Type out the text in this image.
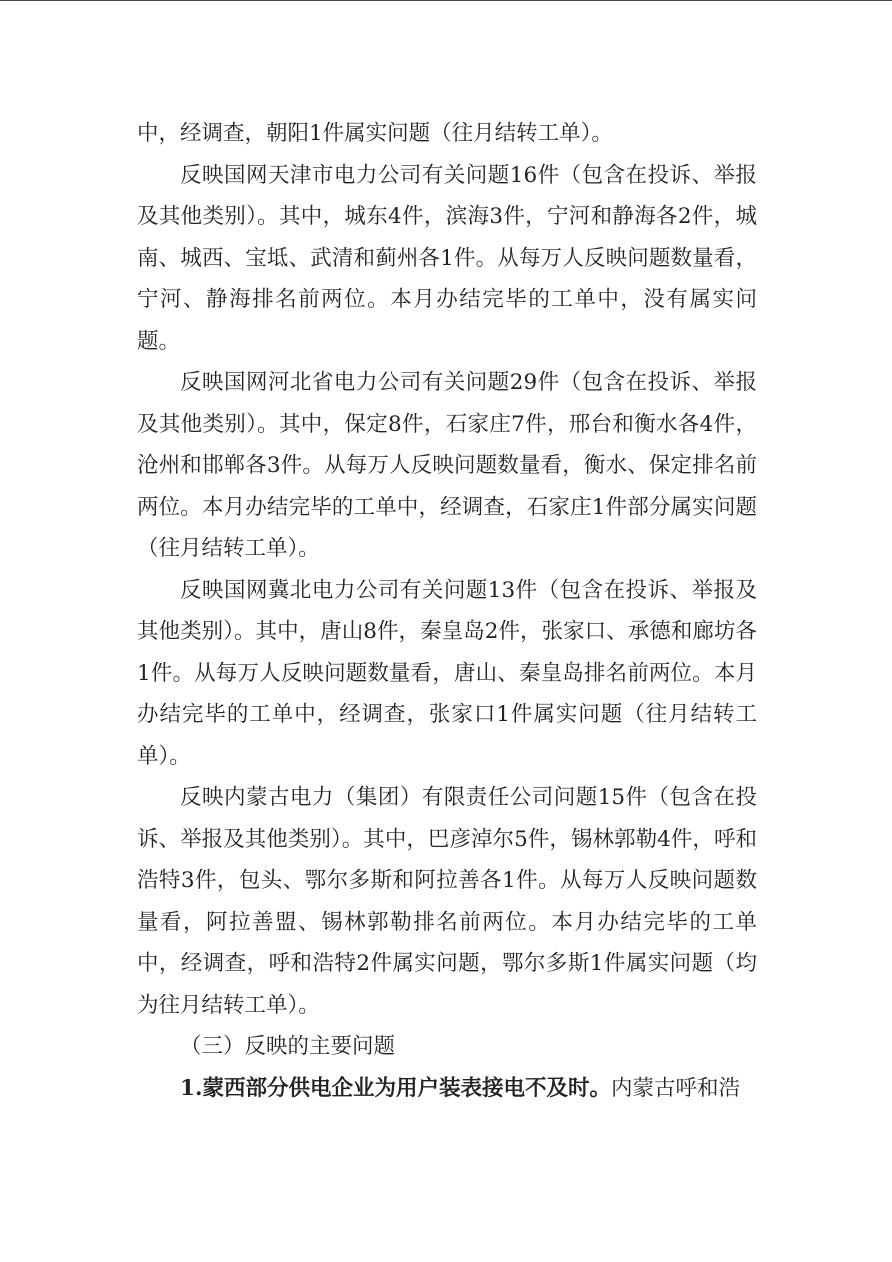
中，经调查，朝阳1件属实问题（往月结转工单）。

反映国网天津市电力公司有关问题16件（包含在投诉、举报及其他类别）。其中，城东4件，滨海3件，宁河和静海各2件，城南、城西、宝坻、武清和蓟州各1件。从每万人反映问题数量看，宁河、静海排名前两位。本月办结完毕的工单中，没有属实问题。

反映国网河北省电力公司有关问题29件（包含在投诉、举报及其他类别）。其中，保定8件，石家庄7件，邢台和衡水各4件，沧州和邯郸各3件。从每万人反映问题数量看，衡水、保定排名前两位。本月办结完毕的工单中，经调查，石家庄1件部分属实问题（往月结转工单）。

反映国网冀北电力公司有关问题13件（包含在投诉、举报及其他类别）。其中，唐山8件，秦皇岛2件，张家口、承德和廊坊各1件。从每万人反映问题数量看，唐山、秦皇岛排名前两位。本月办结完毕的工单中，经调查，张家口1件属实问题（往月结转工单）。

反映内蒙古电力（集团）有限责任公司问题15件（包含在投诉、举报及其他类别）。其中，巴彦淖尔5件，锡林郭勒4件，呼和浩特3件，包头、鄂尔多斯和阿拉善各1件。从每万人反映问题数量看，阿拉善盟、锡林郭勒排名前两位。本月办结完毕的工单中，经调查，呼和浩特2件属实问题，鄂尔多斯1件属实问题（均为往月结转工单）。

（三）反映的主要问题

1.蒙西部分供电企业为用户装表接电不及时。内蒙古呼和浩
